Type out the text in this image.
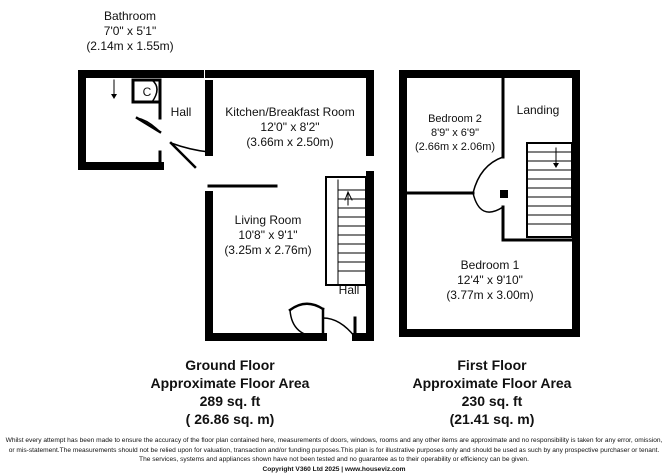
Bathroom
7'0" x 5'1"
(2.14m x 1.55m)
C
Hall	Kitchen/Breakfast Room
12'0" x 8'2"
(3.66m x 2.50m)
Living Room
10'8" x 9'1"
(3.25m x 2.76m)
Hall
Bedroom 2
8'9" x 6'9"
(2.66m x 2.06m)
Landing
Bedroom 1
12'4" x 9'10"
(3.77m x 3.00m)
Ground Floor
Approximate Floor Area
289 sq. ft
( 26.86 sq. m)
First Floor
Approximate Floor Area
230 sq. ft
(21.41 sq. m)
Whilst every attempt has been made to ensure the accuracy of the floor plan contained here, measurements of doors, windows, rooms and any other items are approximate and no responsibility is taken for any error, omission,
or mis-statement.The measurements should not be relied upon for valuation, transaction and/or funding purposes.This plan is for illustrative purposes only and should be used as such by any prospective purchaser or tenant.
The services, systems and appliances shown have not been tested and no guarantee as to their operability or efficiency can be given.
Copyright V360 Ltd 2025 | www.houseviz.com
